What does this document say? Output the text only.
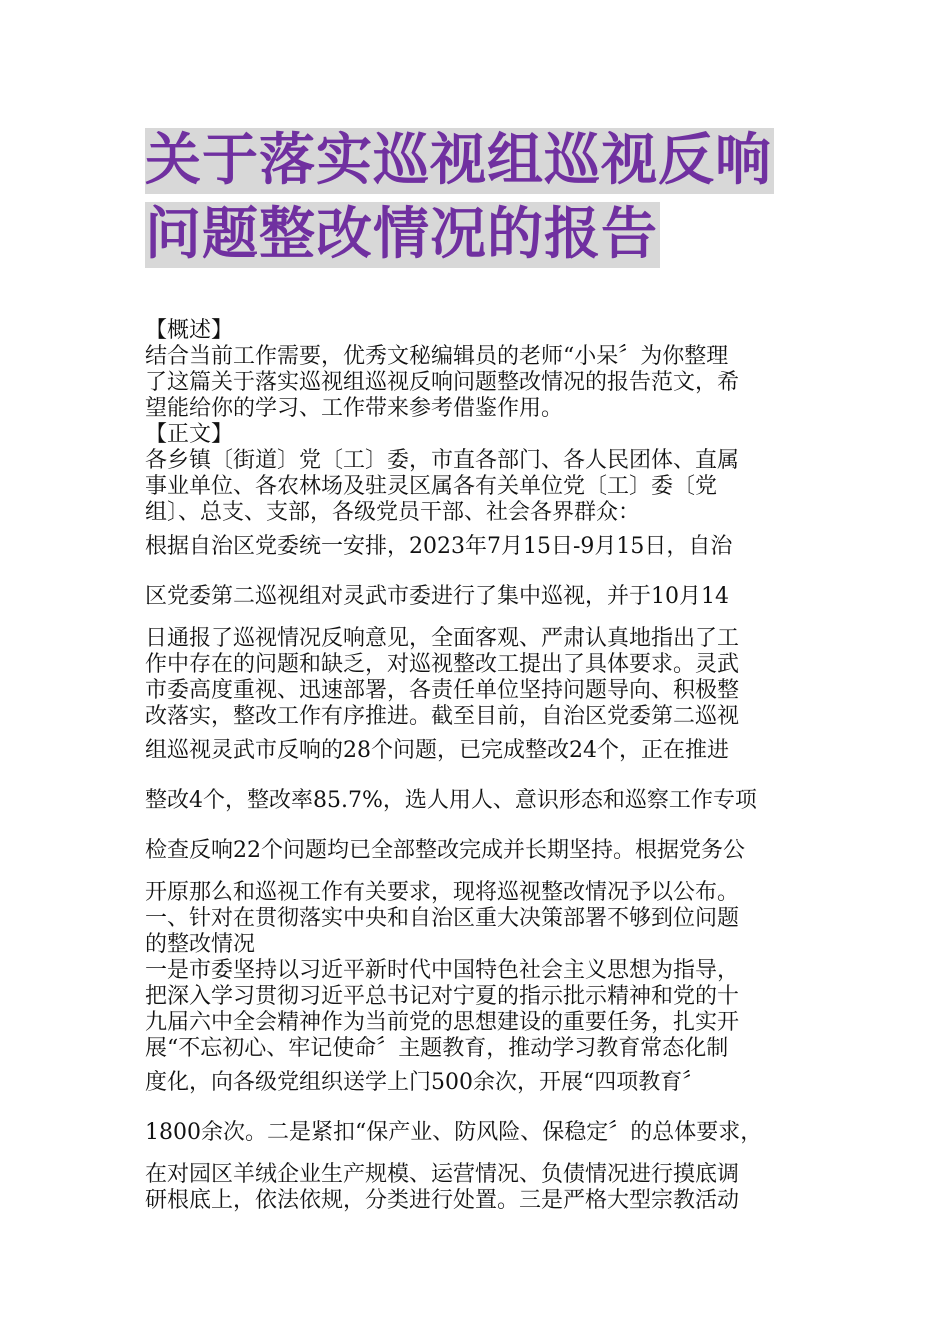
关于落实巡视组巡视反响
问题整改情况的报告
【概述】
结合当前工作需要，优秀文秘编辑员的老师“小呆〞为你整理
了这篇关于落实巡视组巡视反响问题整改情况的报告范文，希
望能给你的学习、工作带来参考借鉴作用。
【正文】
各乡镇〔街道〕党〔工〕委，市直各部门、各人民团体、直属
事业单位、各农林场及驻灵区属各有关单位党〔工〕委〔党
组〕、总支、支部，各级党员干部、社会各界群众：
根据自治区党委统一安排，2023年7月15日-9月15日，自治
区党委第二巡视组对灵武市委进行了集中巡视，并于10月14
日通报了巡视情况反响意见，全面客观、严肃认真地指出了工
作中存在的问题和缺乏，对巡视整改工提出了具体要求。灵武
市委高度重视、迅速部署，各责任单位坚持问题导向、积极整
改落实，整改工作有序推进。截至目前，自治区党委第二巡视
组巡视灵武市反响的28个问题，已完成整改24个，正在推进
整改4个，整改率85.7%，选人用人、意识形态和巡察工作专项
检查反响22个问题均已全部整改完成并长期坚持。根据党务公
开原那么和巡视工作有关要求，现将巡视整改情况予以公布。
一、针对在贯彻落实中央和自治区重大决策部署不够到位问题
的整改情况
一是市委坚持以习近平新时代中国特色社会主义思想为指导，
把深入学习贯彻习近平总书记对宁夏的指示批示精神和党的十
九届六中全会精神作为当前党的思想建设的重要任务，扎实开
展“不忘初心、牢记使命〞主题教育，推动学习教育常态化制
度化，向各级党组织送学上门500余次，开展“四项教育〞
1800余次。二是紧扣“保产业、防风险、保稳定〞的总体要求，
在对园区羊绒企业生产规模、运营情况、负债情况进行摸底调
研根底上，依法依规，分类进行处置。三是严格大型宗教活动
